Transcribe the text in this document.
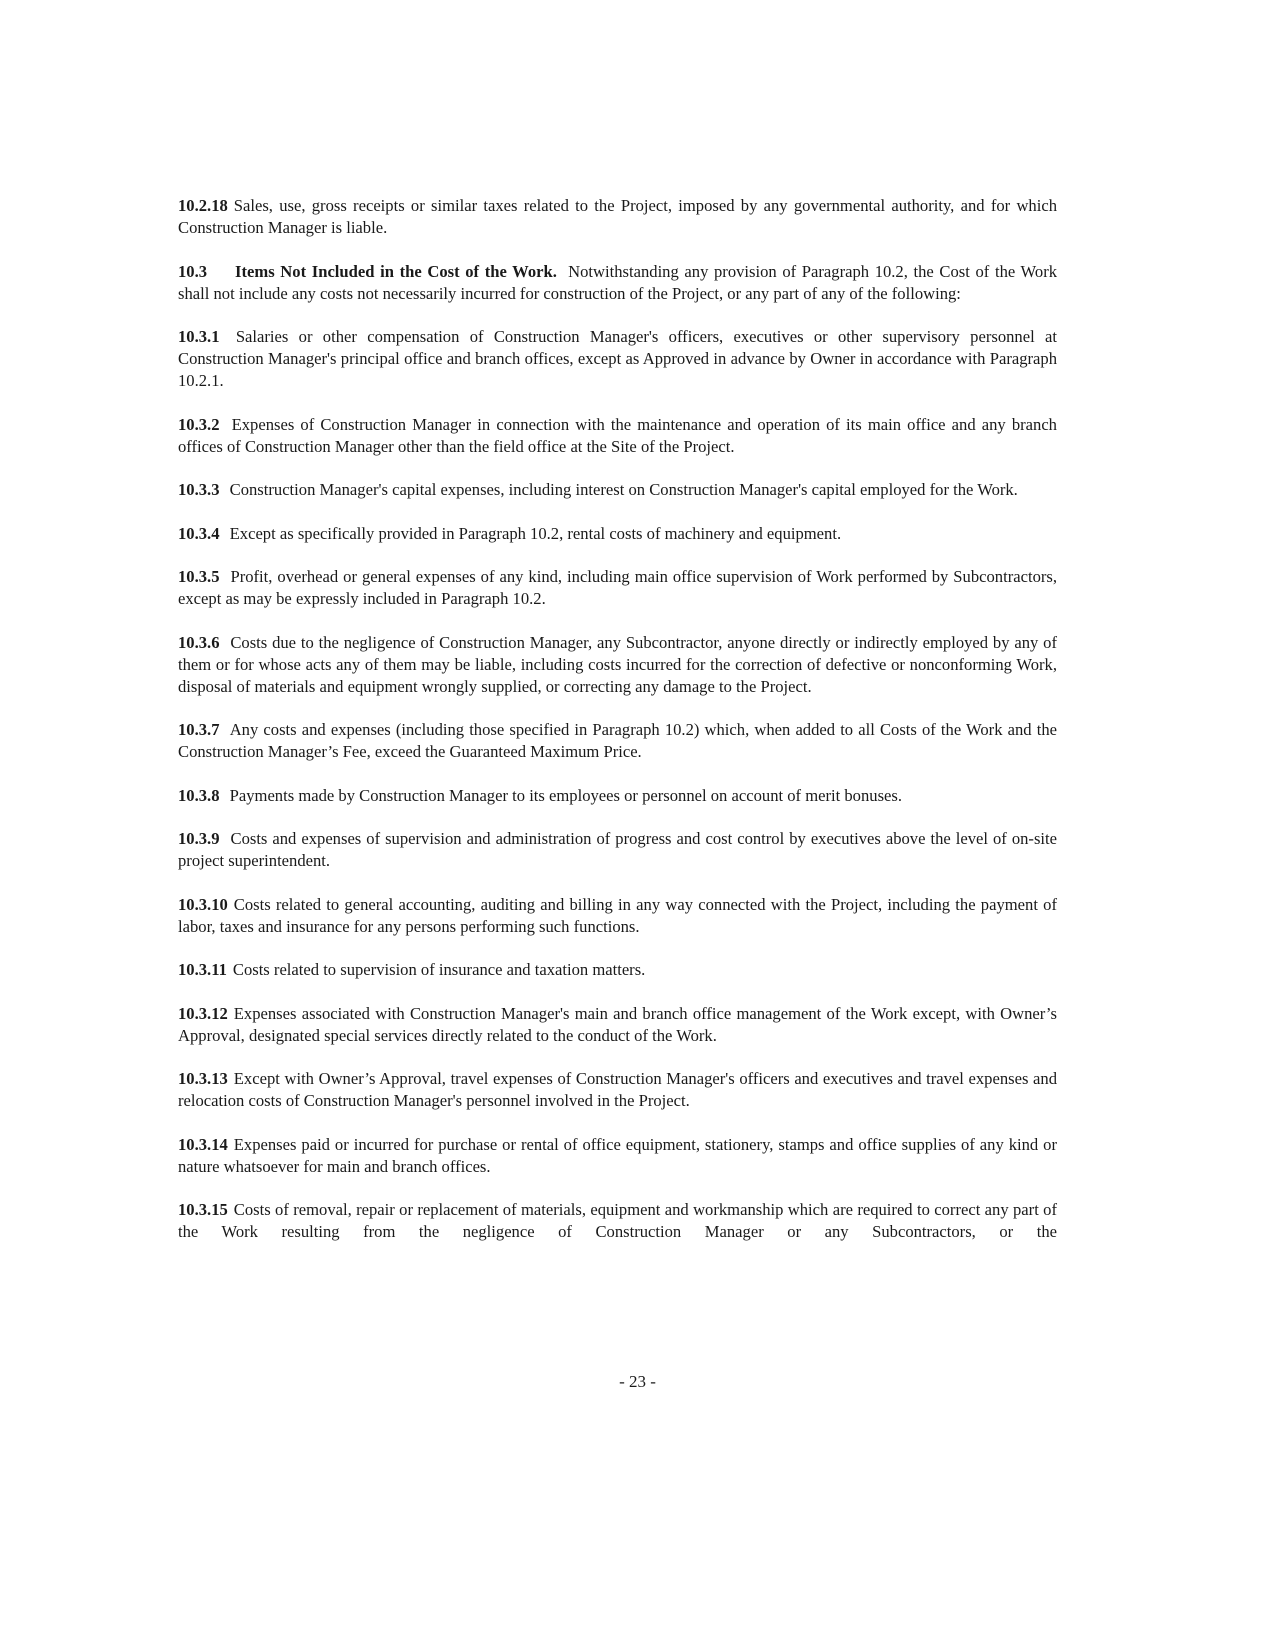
10.2.18 Sales, use, gross receipts or similar taxes related to the Project, imposed by any governmental authority, and for which Construction Manager is liable.

10.3 Items Not Included in the Cost of the Work. Notwithstanding any provision of Paragraph 10.2, the Cost of the Work shall not include any costs not necessarily incurred for construction of the Project, or any part of any of the following:

10.3.1 Salaries or other compensation of Construction Manager's officers, executives or other supervisory personnel at Construction Manager's principal office and branch offices, except as Approved in advance by Owner in accordance with Paragraph 10.2.1.

10.3.2 Expenses of Construction Manager in connection with the maintenance and operation of its main office and any branch offices of Construction Manager other than the field office at the Site of the Project.

10.3.3 Construction Manager's capital expenses, including interest on Construction Manager's capital employed for the Work.

10.3.4 Except as specifically provided in Paragraph 10.2, rental costs of machinery and equipment.

10.3.5 Profit, overhead or general expenses of any kind, including main office supervision of Work performed by Subcontractors, except as may be expressly included in Paragraph 10.2.

10.3.6 Costs due to the negligence of Construction Manager, any Subcontractor, anyone directly or indirectly employed by any of them or for whose acts any of them may be liable, including costs incurred for the correction of defective or nonconforming Work, disposal of materials and equipment wrongly supplied, or correcting any damage to the Project.

10.3.7 Any costs and expenses (including those specified in Paragraph 10.2) which, when added to all Costs of the Work and the Construction Manager’s Fee, exceed the Guaranteed Maximum Price.

10.3.8 Payments made by Construction Manager to its employees or personnel on account of merit bonuses.

10.3.9 Costs and expenses of supervision and administration of progress and cost control by executives above the level of on-site project superintendent.

10.3.10 Costs related to general accounting, auditing and billing in any way connected with the Project, including the payment of labor, taxes and insurance for any persons performing such functions.

10.3.11 Costs related to supervision of insurance and taxation matters.

10.3.12 Expenses associated with Construction Manager's main and branch office management of the Work except, with Owner’s Approval, designated special services directly related to the conduct of the Work.

10.3.13 Except with Owner’s Approval, travel expenses of Construction Manager's officers and executives and travel expenses and relocation costs of Construction Manager's personnel involved in the Project.

10.3.14 Expenses paid or incurred for purchase or rental of office equipment, stationery, stamps and office supplies of any kind or nature whatsoever for main and branch offices.

10.3.15 Costs of removal, repair or replacement of materials, equipment and workmanship which are required to correct any part of the Work resulting from the negligence of Construction Manager or any Subcontractors, or the

- 23 -
